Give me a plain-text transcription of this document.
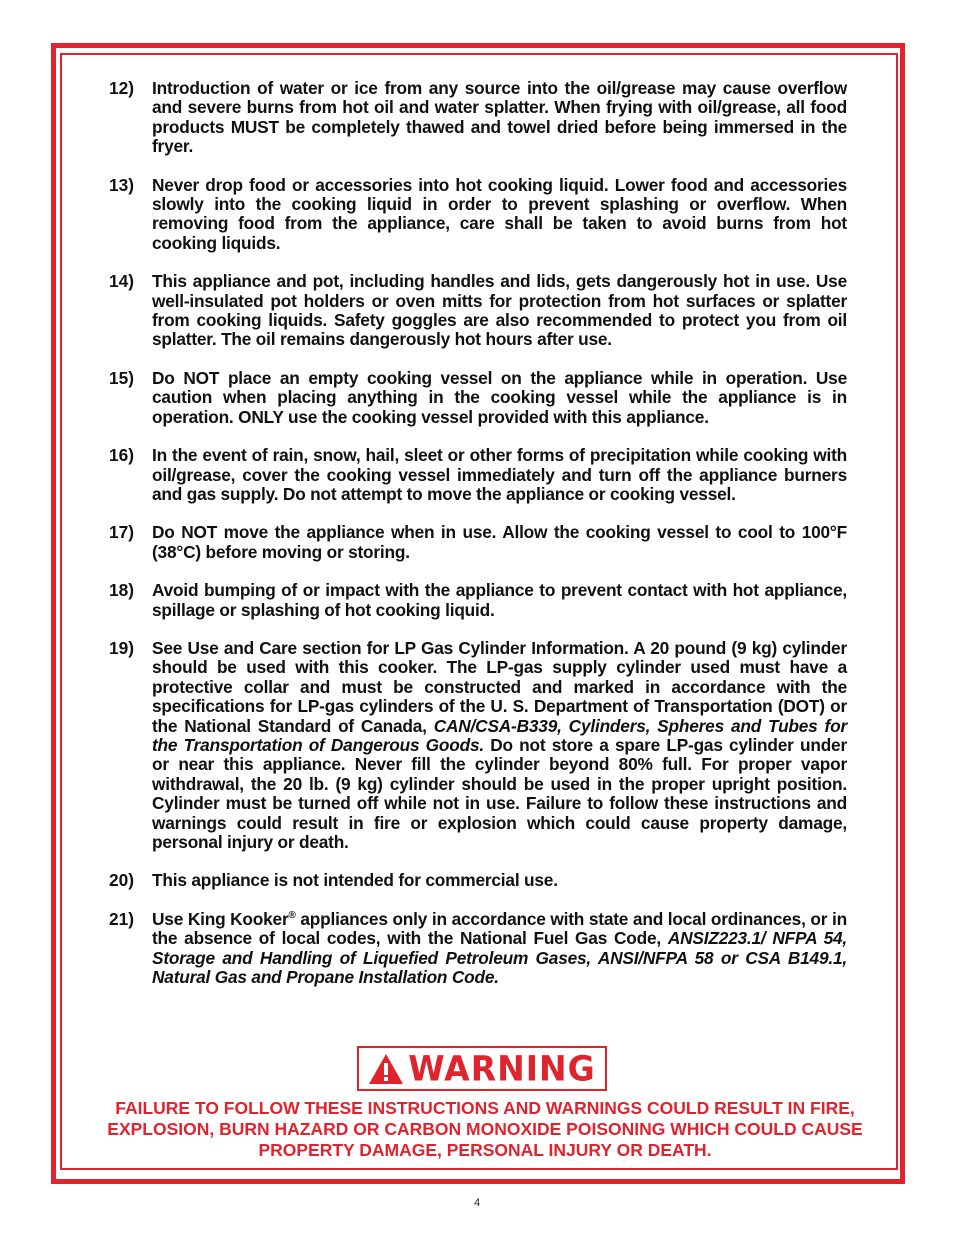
12)	Introduction of water or ice from any source into the oil/grease may cause overflow and severe burns from hot oil and water splatter. When frying with oil/grease, all food products MUST be completely thawed and towel dried before being immersed in the fryer.
13)	Never drop food or accessories into hot cooking liquid. Lower food and accessories slowly into the cooking liquid in order to prevent splashing or overflow. When removing food from the appliance, care shall be taken to avoid burns from hot cooking liquids.
14)	This appliance and pot, including handles and lids, gets dangerously hot in use. Use well-insulated pot holders or oven mitts for protection from hot surfaces or splatter from cooking liquids. Safety goggles are also recommended to protect you from oil splatter. The oil remains dangerously hot hours after use.
15)	Do NOT place an empty cooking vessel on the appliance while in operation. Use caution when placing anything in the cooking vessel while the appliance is in operation. ONLY use the cooking vessel provided with this appliance.
16)	In the event of rain, snow, hail, sleet or other forms of precipitation while cooking with oil/grease, cover the cooking vessel immediately and turn off the appliance burners and gas supply. Do not attempt to move the appliance or cooking vessel.
17)	Do NOT move the appliance when in use. Allow the cooking vessel to cool to 100°F (38°C) before moving or storing.
18)	Avoid bumping of or impact with the appliance to prevent contact with hot appliance, spillage or splashing of hot cooking liquid.
19)	See Use and Care section for LP Gas Cylinder Information. A 20 pound (9 kg) cylinder should be used with this cooker. The LP-gas supply cylinder used must have a protective collar and must be constructed and marked in accordance with the specifications for LP-gas cylinders of the U. S. Department of Transportation (DOT) or the National Standard of Canada, CAN/CSA-B339, Cylinders, Spheres and Tubes for the Transportation of Dangerous Goods. Do not store a spare LP-gas cylinder under or near this appliance. Never fill the cylinder beyond 80% full. For proper vapor withdrawal, the 20 lb. (9 kg) cylinder should be used in the proper upright position. Cylinder must be turned off while not in use. Failure to follow these instructions and warnings could result in fire or explosion which could cause property damage, personal injury or death.
20)	This appliance is not intended for commercial use.
21)	Use King Kooker® appliances only in accordance with state and local ordinances, or in the absence of local codes, with the National Fuel Gas Code, ANSIZ223.1/ NFPA 54, Storage and Handling of Liquefied Petroleum Gases, ANSI/NFPA 58 or CSA B149.1, Natural Gas and Propane Installation Code.
WARNING
FAILURE TO FOLLOW THESE INSTRUCTIONS AND WARNINGS COULD RESULT IN FIRE, EXPLOSION, BURN HAZARD OR CARBON MONOXIDE POISONING WHICH COULD CAUSE PROPERTY DAMAGE, PERSONAL INJURY OR DEATH.
4
